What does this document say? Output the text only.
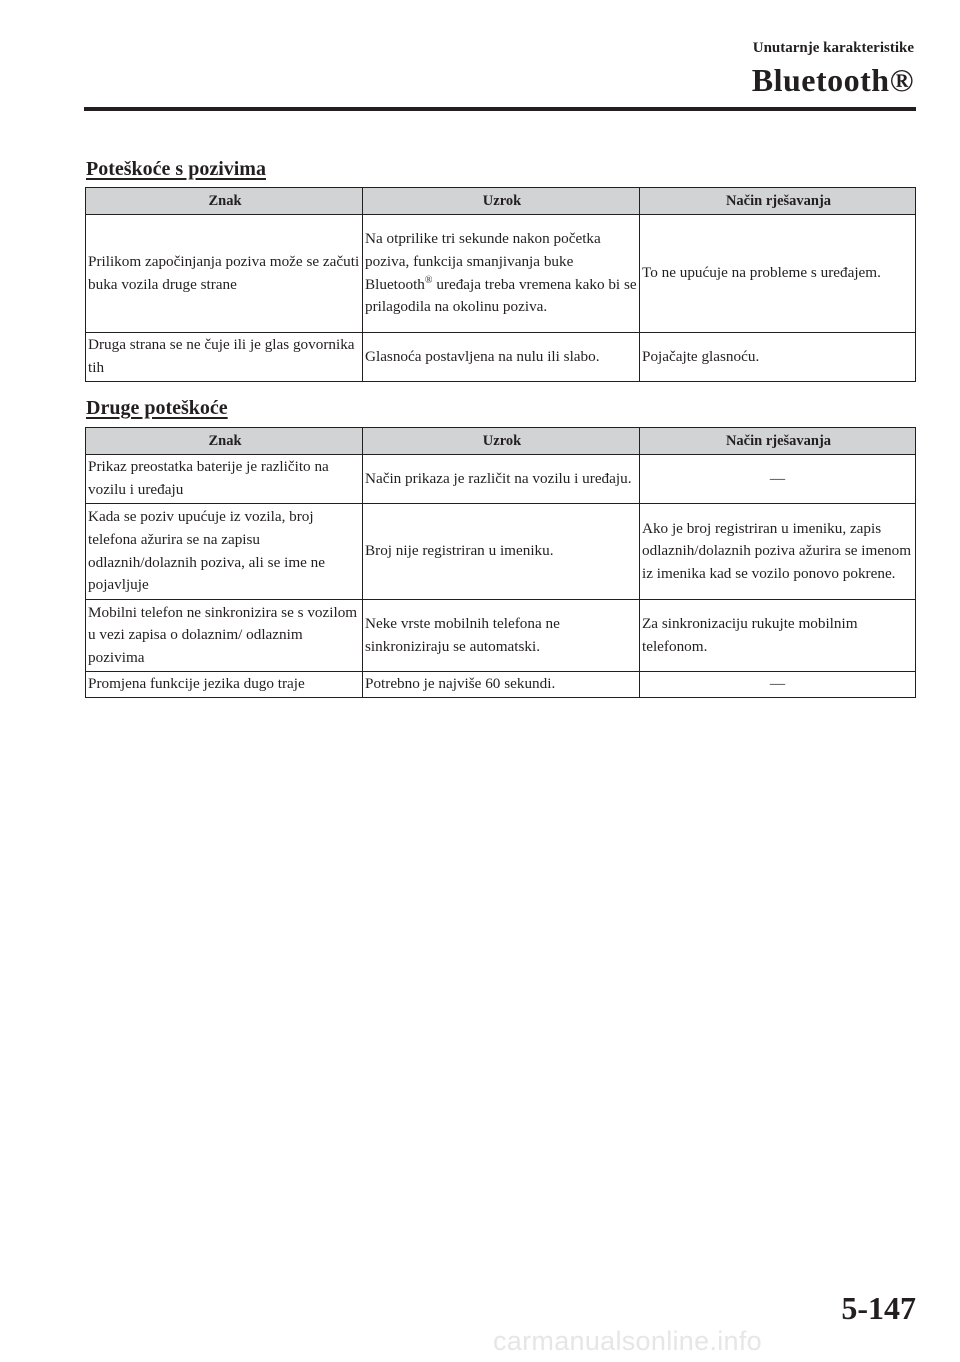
Unutarnje karakteristike
Bluetooth®
Poteškoće s pozivima
Znak	Uzrok	Način rješavanja
Prilikom započinjanja poziva može se začuti buka vozila druge strane	Na otprilike tri sekunde nakon početka poziva, funkcija smanjivanja buke Bluetooth® uređaja treba vremena kako bi se prilagodila na okolinu poziva.	To ne upućuje na probleme s uređajem.
Druga strana se ne čuje ili je glas govornika tih	Glasnoća postavljena na nulu ili slabo.	Pojačajte glasnoću.
Druge poteškoće
Znak	Uzrok	Način rješavanja
Prikaz preostatka baterije je različito na vozilu i uređaju	Način prikaza je različit na vozilu i uređaju.	—
Kada se poziv upućuje iz vozila, broj telefona ažurira se na zapisu odlaznih/dolaznih poziva, ali se ime ne pojavljuje	Broj nije registriran u imeniku.	Ako je broj registriran u imeniku, zapis odlaznih/dolaznih poziva ažurira se imenom iz imenika kad se vozilo ponovo pokrene.
Mobilni telefon ne sinkronizira se s vozilom u vezi zapisa o dolaznim/ odlaznim pozivima	Neke vrste mobilnih telefona ne sinkroniziraju se automatski.	Za sinkronizaciju rukujte mobilnim telefonom.
Promjena funkcije jezika dugo traje	Potrebno je najviše 60 sekundi.	—
5-147
carmanualsonline.info
